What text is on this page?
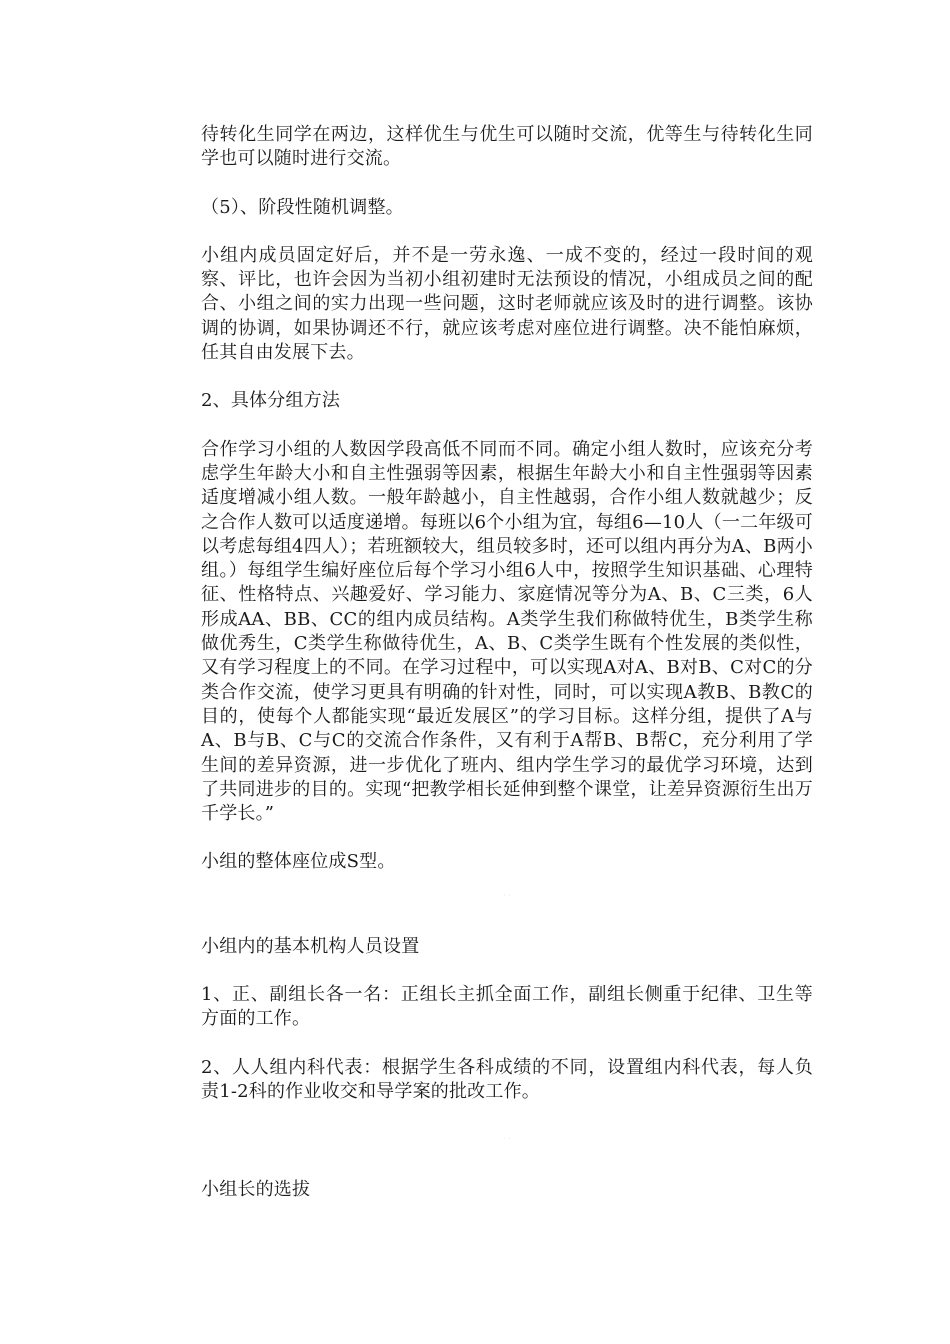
待转化生同学在两边，这样优生与优生可以随时交流，优等生与待转化生同学也可以随时进行交流。

（5）、阶段性随机调整。

小组内成员固定好后，并不是一劳永逸、一成不变的，经过一段时间的观察、评比，也许会因为当初小组初建时无法预设的情况，小组成员之间的配合、小组之间的实力出现一些问题，这时老师就应该及时的进行调整。该协调的协调，如果协调还不行，就应该考虑对座位进行调整。决不能怕麻烦，任其自由发展下去。

2、具体分组方法

合作学习小组的人数因学段高低不同而不同。确定小组人数时，应该充分考虑学生年龄大小和自主性强弱等因素，根据生年龄大小和自主性强弱等因素适度增减小组人数。一般年龄越小，自主性越弱，合作小组人数就越少；反之合作人数可以适度递增。每班以6个小组为宜，每组6—10人（一二年级可以考虑每组4四人）；若班额较大，组员较多时，还可以组内再分为A、B两小组。）每组学生编好座位后每个学习小组6人中，按照学生知识基础、心理特征、性格特点、兴趣爱好、学习能力、家庭情况等分为A、B、C三类，6人形成AA、BB、CC的组内成员结构。A类学生我们称做特优生，B类学生称做优秀生，C类学生称做待优生，A、B、C类学生既有个性发展的类似性，又有学习程度上的不同。在学习过程中，可以实现A对A、B对B、C对C的分类合作交流，使学习更具有明确的针对性，同时，可以实现A教B、B教C的目的，使每个人都能实现“最近发展区”的学习目标。这样分组，提供了A与A、B与B、C与C的交流合作条件，又有利于A帮B、B帮C，充分利用了学生间的差异资源，进一步优化了班内、组内学生学习的最优学习环境，达到了共同进步的目的。实现“把教学相长延伸到整个课堂，让差异资源衍生出万千学长。”

小组的整体座位成S型。

· ·

小组内的基本机构人员设置

1、正、副组长各一名：正组长主抓全面工作，副组长侧重于纪律、卫生等方面的工作。

2、人人组内科代表：根据学生各科成绩的不同，设置组内科代表，每人负责1-2科的作业收交和导学案的批改工作。

· ·

小组长的选拔
